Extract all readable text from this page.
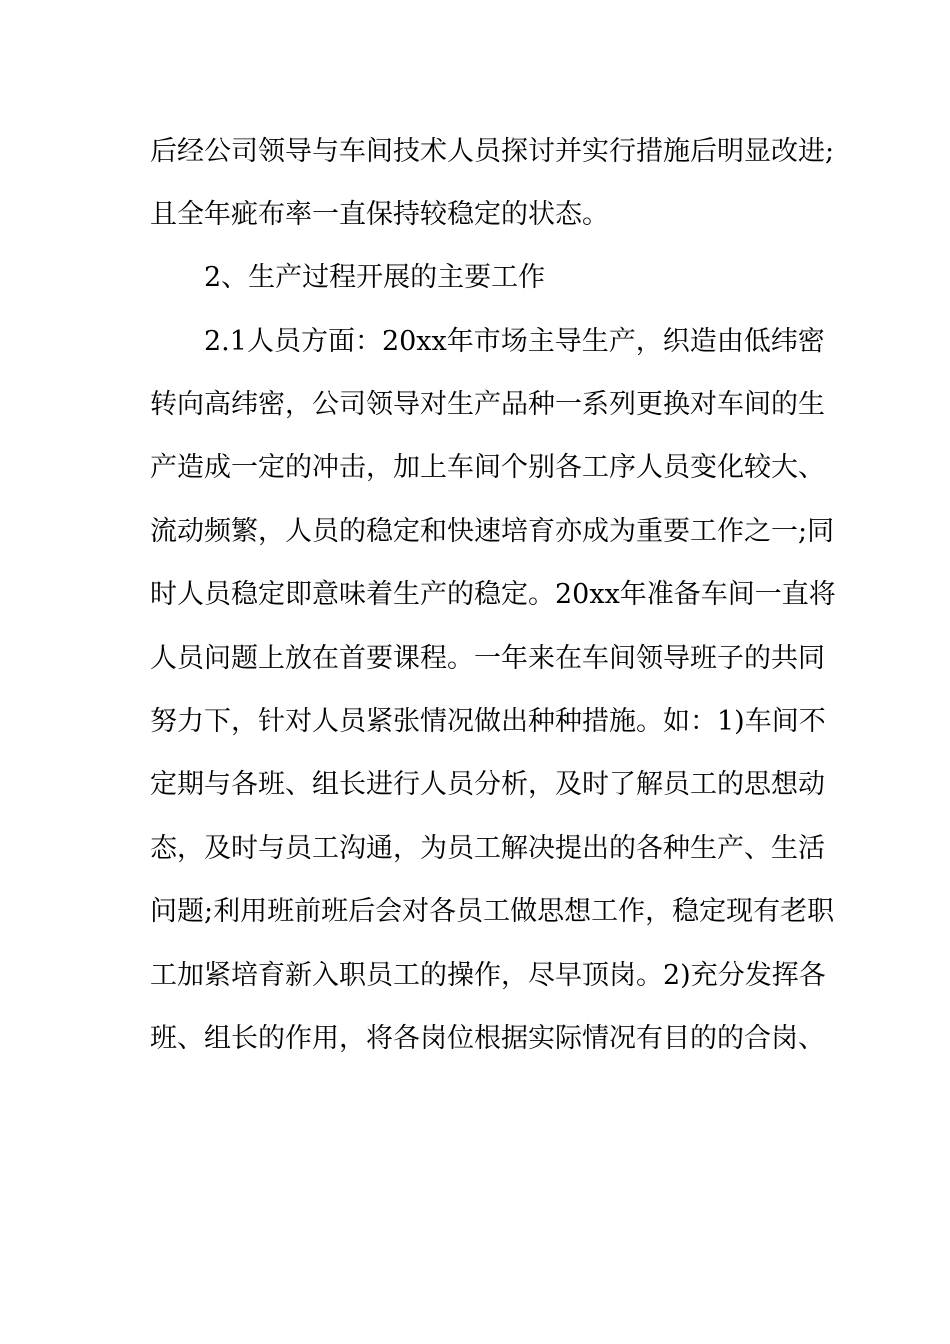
后经公司领导与车间技术人员探讨并实行措施后明显改进;
且全年疵布率一直保持较稳定的状态。
2、生产过程开展的主要工作
2.1人员方面：20xx年市场主导生产，织造由低纬密
转向高纬密，公司领导对生产品种一系列更换对车间的生
产造成一定的冲击，加上车间个别各工序人员变化较大、
流动频繁，人员的稳定和快速培育亦成为重要工作之一;同
时人员稳定即意味着生产的稳定。20xx年准备车间一直将
人员问题上放在首要课程。一年来在车间领导班子的共同
努力下，针对人员紧张情况做出种种措施。如：1)车间不
定期与各班、组长进行人员分析，及时了解员工的思想动
态，及时与员工沟通，为员工解决提出的各种生产、生活
问题;利用班前班后会对各员工做思想工作，稳定现有老职
工加紧培育新入职员工的操作，尽早顶岗。2)充分发挥各
班、组长的作用，将各岗位根据实际情况有目的的合岗、
